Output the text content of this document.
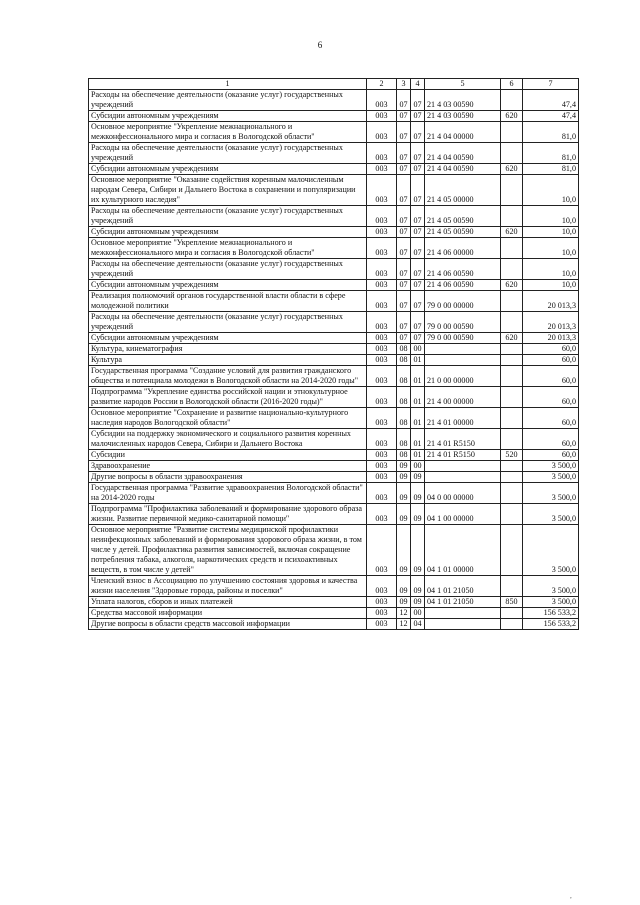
6
1	2	3	4	5	6	7
Расходы на обеспечение деятельности (оказание услуг) государственных учреждений	003	07	07	21 4 03 00590		47,4
Субсидии автономным учреждениям	003	07	07	21 4 03 00590	620	47,4
Основное мероприятие "Укрепление межнационального и межконфессионального мира и согласия в Вологодской области"	003	07	07	21 4 04 00000		81,0
Расходы на обеспечение деятельности (оказание услуг) государственных учреждений	003	07	07	21 4 04 00590		81,0
Субсидии автономным учреждениям	003	07	07	21 4 04 00590	620	81,0
Основное мероприятие "Оказание содействия коренным малочисленным народам Севера, Сибири и Дальнего Востока в сохранении и популяризации их культурного наследия"	003	07	07	21 4 05 00000		10,0
Расходы на обеспечение деятельности (оказание услуг) государственных учреждений	003	07	07	21 4 05 00590		10,0
Субсидии автономным учреждениям	003	07	07	21 4 05 00590	620	10,0
Основное мероприятие "Укрепление межнационального и межконфессионального мира и согласия в Вологодской области"	003	07	07	21 4 06 00000		10,0
Расходы на обеспечение деятельности (оказание услуг) государственных учреждений	003	07	07	21 4 06 00590		10,0
Субсидии автономным учреждениям	003	07	07	21 4 06 00590	620	10,0
Реализация полномочий органов государственной власти области в сфере молодежной политики	003	07	07	79 0 00 00000		20 013,3
Расходы на обеспечение деятельности (оказание услуг) государственных учреждений	003	07	07	79 0 00 00590		20 013,3
Субсидии автономным учреждениям	003	07	07	79 0 00 00590	620	20 013,3
Культура, кинематография	003	08	00			60,0
Культура	003	08	01			60,0
Государственная программа "Создание условий для развития гражданского общества и потенциала молодежи в Вологодской области на 2014-2020 годы"	003	08	01	21 0 00 00000		60,0
Подпрограмма "Укрепление единства российской нации и этнокультурное развитие народов России в Вологодской области (2016-2020 годы)"	003	08	01	21 4 00 00000		60,0
Основное мероприятие "Сохранение и развитие национально-культурного наследия народов Вологодской области"	003	08	01	21 4 01 00000		60,0
Субсидии на поддержку экономического и социального развития коренных малочисленных народов Севера, Сибири и Дальнего Востока	003	08	01	21 4 01 R5150		60,0
Субсидии	003	08	01	21 4 01 R5150	520	60,0
Здравоохранение	003	09	00			3 500,0
Другие вопросы в области здравоохранения	003	09	09			3 500,0
Государственная программа "Развитие здравоохранения Вологодской области" на 2014-2020 годы	003	09	09	04 0 00 00000		3 500,0
Подпрограмма "Профилактика заболеваний и формирование здорового образа жизни. Развитие первичной медико-санитарной помощи"	003	09	09	04 1 00 00000		3 500,0
Основное мероприятие "Развитие системы медицинской профилактики неинфекционных заболеваний и формирования здорового образа жизни, в том числе у детей. Профилактика развития зависимостей, включая сокращение потребления табака, алкоголя, наркотических средств и психоактивных веществ, в том числе у детей"	003	09	09	04 1 01 00000		3 500,0
Членский взнос в Ассоциацию по улучшению состояния здоровья и качества жизни населения "Здоровые города, районы и поселки"	003	09	09	04 1 01 21050		3 500,0
Уплата налогов, сборов и иных платежей	003	09	09	04 1 01 21050	850	3 500,0
Средства массовой информации	003	12	00			156 533,2
Другие вопросы в области средств массовой информации	003	12	04			156 533,2
,
